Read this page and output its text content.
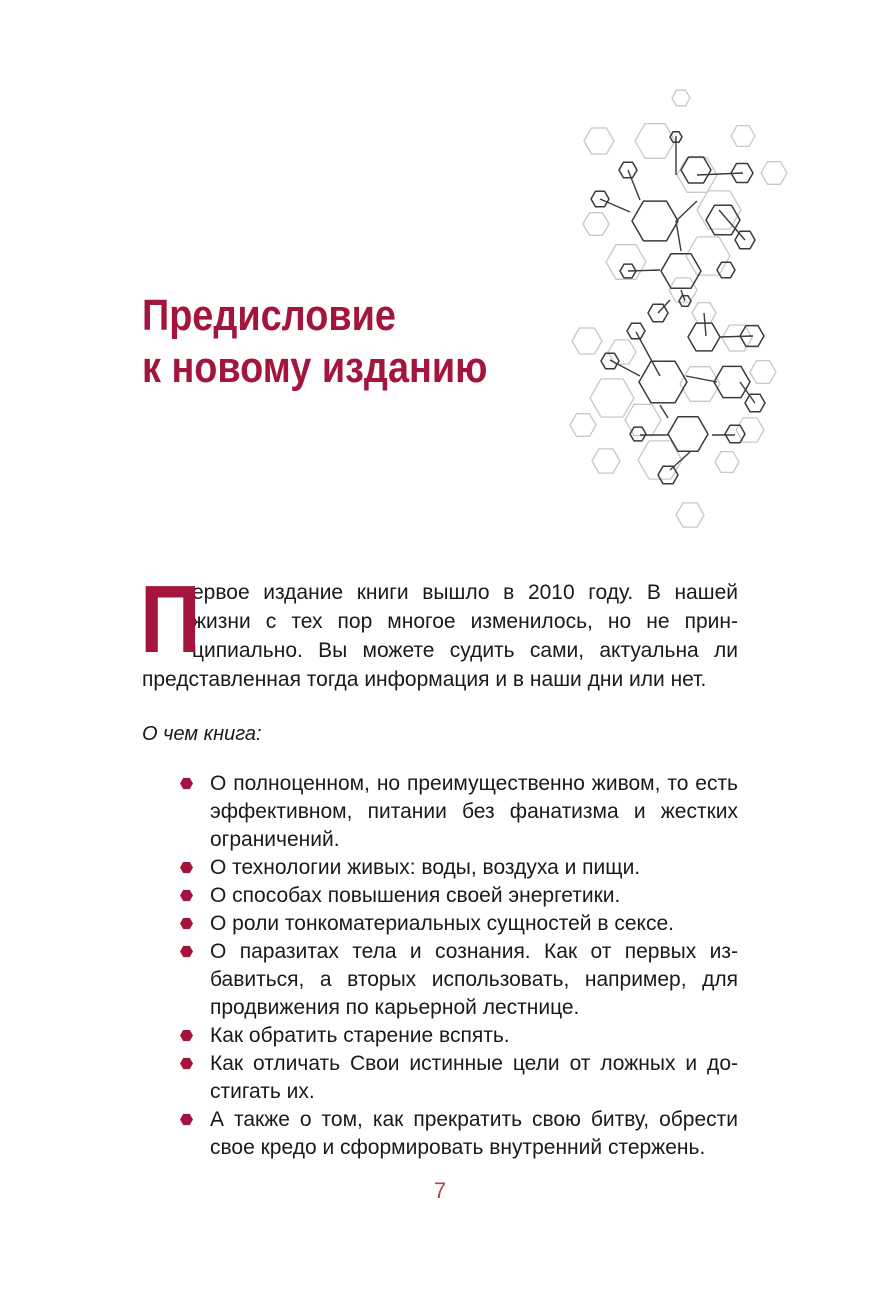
Предисловие
к новому изданию

П
ервое издание книги вышло в 2010 году. В нашей жизни с тех пор многое изменилось, но не принципиально. Вы можете судить сами, актуальна ли представленная тогда информация и в наши дни или нет.

О чем книга:

О полноценном, но преимущественно живом, то есть эффективном, питании без фанатизма и жестких ограничений.
О технологии живых: воды, воздуха и пищи.
О способах повышения своей энергетики.
О роли тонкоматериальных сущностей в сексе.
О паразитах тела и сознания. Как от первых избавиться, а вторых использовать, например, для продвижения по карьерной лестнице.
Как обратить старение вспять.
Как отличать Свои истинные цели от ложных и достигать их.
А также о том, как прекратить свою битву, обрести свое кредо и сформировать внутренний стержень.
7
